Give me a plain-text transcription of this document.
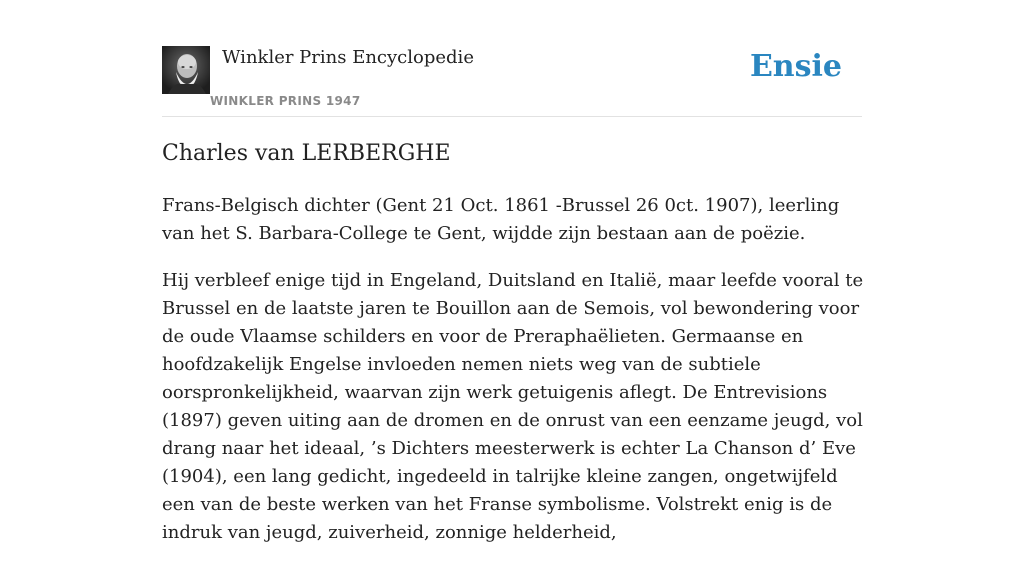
Winkler Prins Encyclopedie
WINKLER PRINS 1947
Ensie
Charles van LERBERGHE

Frans-Belgisch dichter (Gent 21 Oct. 1861 -Brussel 26 0ct. 1907), leerling van het S. Barbara-College te Gent, wijdde zijn bestaan aan de poëzie.

Hij verbleef enige tijd in Engeland, Duitsland en Italië, maar leefde vooral te Brussel en de laatste jaren te Bouillon aan de Semois, vol bewondering voor de oude Vlaamse schilders en voor de Preraphaëlieten. Germaanse en hoofdzakelijk Engelse invloeden nemen niets weg van de subtiele oorspronkelijkheid, waarvan zijn werk getuigenis aflegt. De Entrevisions (1897) geven uiting aan de dromen en de onrust van een eenzame jeugd, vol drang naar het ideaal, ’s Dichters meesterwerk is echter La Chanson d’ Eve (1904), een lang gedicht, ingedeeld in talrijke kleine zangen, ongetwijfeld een van de beste werken van het Franse symbolisme. Volstrekt enig is de indruk van jeugd, zuiverheid, zonnige helderheid,
